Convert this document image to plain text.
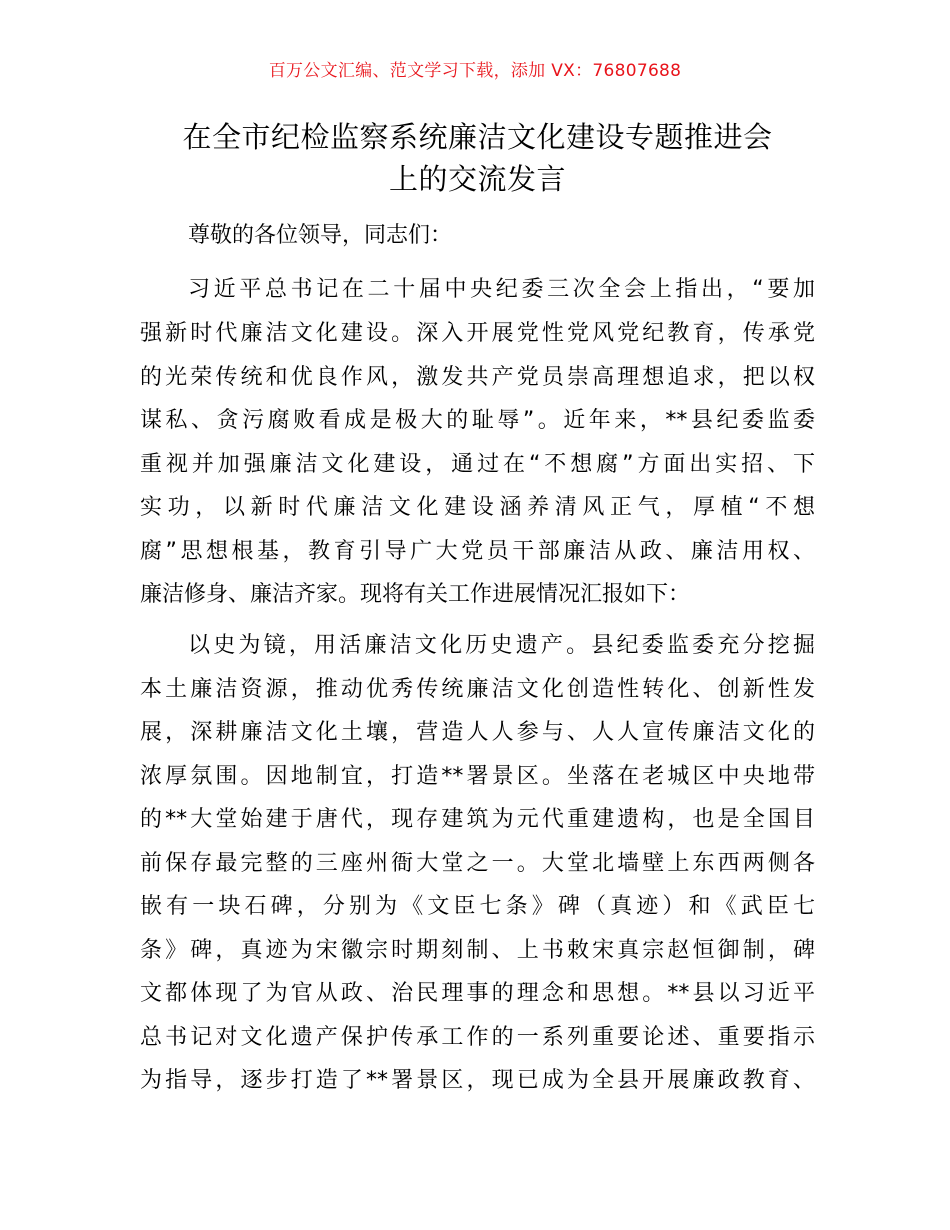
百万公文汇编、范文学习下载，添加 VX：76807688
在全市纪检监察系统廉洁文化建设专题推进会
上的交流发言
尊敬的各位领导，同志们：
习近平总书记在二十届中央纪委三次全会上指出，“要加
强新时代廉洁文化建设。深入开展党性党风党纪教育，传承党
的光荣传统和优良作风，激发共产党员崇高理想追求，把以权
谋私、贪污腐败看成是极大的耻辱”。近年来，**县纪委监委
重视并加强廉洁文化建设，通过在“不想腐”方面出实招、下
实功，以新时代廉洁文化建设涵养清风正气，厚植“不想
腐”思想根基，教育引导广大党员干部廉洁从政、廉洁用权、
廉洁修身、廉洁齐家。现将有关工作进展情况汇报如下：
以史为镜，用活廉洁文化历史遗产。县纪委监委充分挖掘
本土廉洁资源，推动优秀传统廉洁文化创造性转化、创新性发
展，深耕廉洁文化土壤，营造人人参与、人人宣传廉洁文化的
浓厚氛围。因地制宜，打造**署景区。坐落在老城区中央地带
的**大堂始建于唐代，现存建筑为元代重建遗构，也是全国目
前保存最完整的三座州衙大堂之一。大堂北墙壁上东西两侧各
嵌有一块石碑，分别为《文臣七条》碑（真迹）和《武臣七
条》碑，真迹为宋徽宗时期刻制、上书敕宋真宗赵恒御制，碑
文都体现了为官从政、治民理事的理念和思想。**县以习近平
总书记对文化遗产保护传承工作的一系列重要论述、重要指示
为指导，逐步打造了**署景区，现已成为全县开展廉政教育、
